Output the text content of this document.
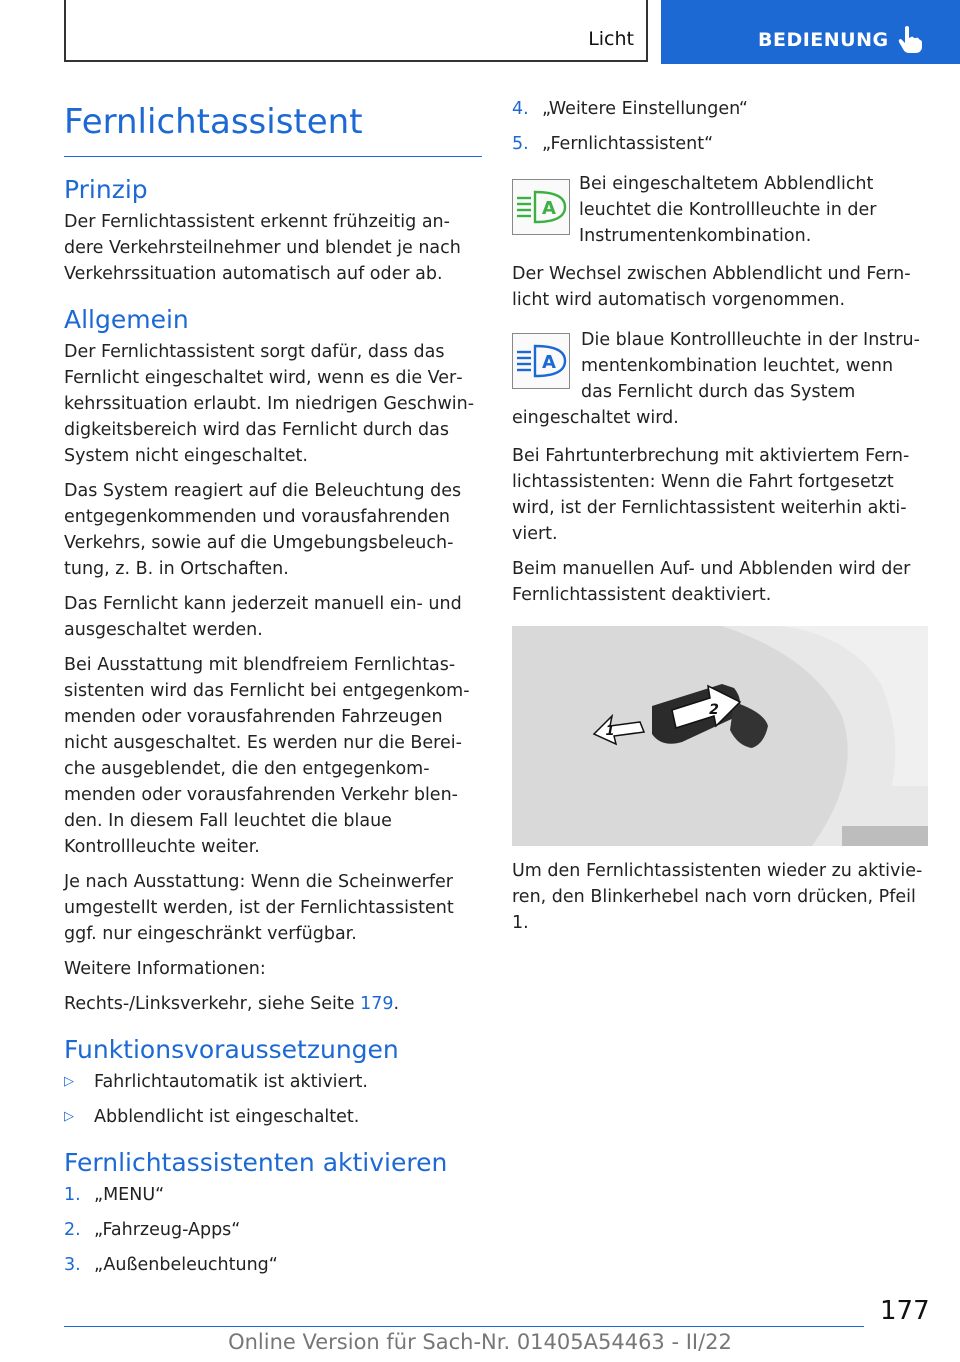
Licht	BEDIENUNG
Fernlichtassistent
Prinzip

Der Fernlichtassistent erkennt frühzeitig andere Verkehrsteilnehmer und blendet je nach Verkehrssituation automatisch auf oder ab.

Allgemein

Der Fernlichtassistent sorgt dafür, dass das Fernlicht eingeschaltet wird, wenn es die Verkehrssituation erlaubt. Im niedrigen Geschwindigkeitsbereich wird das Fernlicht durch das System nicht eingeschaltet.

Das System reagiert auf die Beleuchtung des entgegenkommenden und vorausfahrenden Verkehrs, sowie auf die Umgebungsbeleuchtung, z. B. in Ortschaften.

Das Fernlicht kann jederzeit manuell ein- und ausgeschaltet werden.

Bei Ausstattung mit blendfreiem Fernlichtassistenten wird das Fernlicht bei entgegenkommenden oder vorausfahrenden Fahrzeugen nicht ausgeschaltet. Es werden nur die Bereiche ausgeblendet, die den entgegenkommenden oder vorausfahrenden Verkehr blenden. In diesem Fall leuchtet die blaue Kontrollleuchte weiter.

Je nach Ausstattung: Wenn die Scheinwerfer umgestellt werden, ist der Fernlichtassistent ggf. nur eingeschränkt verfügbar.

Weitere Informationen:

Rechts-/Linksverkehr, siehe Seite 179.

Funktionsvoraussetzungen
▷ Fahrlichtautomatik ist aktiviert.
▷ Abblendlicht ist eingeschaltet.
Fernlichtassistenten aktivieren
1. „MENU“
2. „Fahrzeug-Apps“
3. „Außenbeleuchtung“
4. „Weitere Einstellungen“
5. „Fernlichtassistent“
A

Bei eingeschaltetem Abblendlicht leuchtet die Kontrollleuchte in der Instrumentenkombination.

Der Wechsel zwischen Abblendlicht und Fernlicht wird automatisch vorgenommen.

A

Die blaue Kontrollleuchte in der Instrumentenkombination leuchtet, wenn das Fernlicht durch das System eingeschaltet wird.

Bei Fahrtunterbrechung mit aktiviertem Fernlichtassistenten: Wenn die Fahrt fortgesetzt wird, ist der Fernlichtassistent weiterhin aktiviert.

Beim manuellen Auf- und Abblenden wird der Fernlichtassistent deaktiviert.

2
1

Um den Fernlichtassistenten wieder zu aktivieren, den Blinkerhebel nach vorn drücken, Pfeil 1.

177
Online Version für Sach-Nr. 01405A54463 - II/22
